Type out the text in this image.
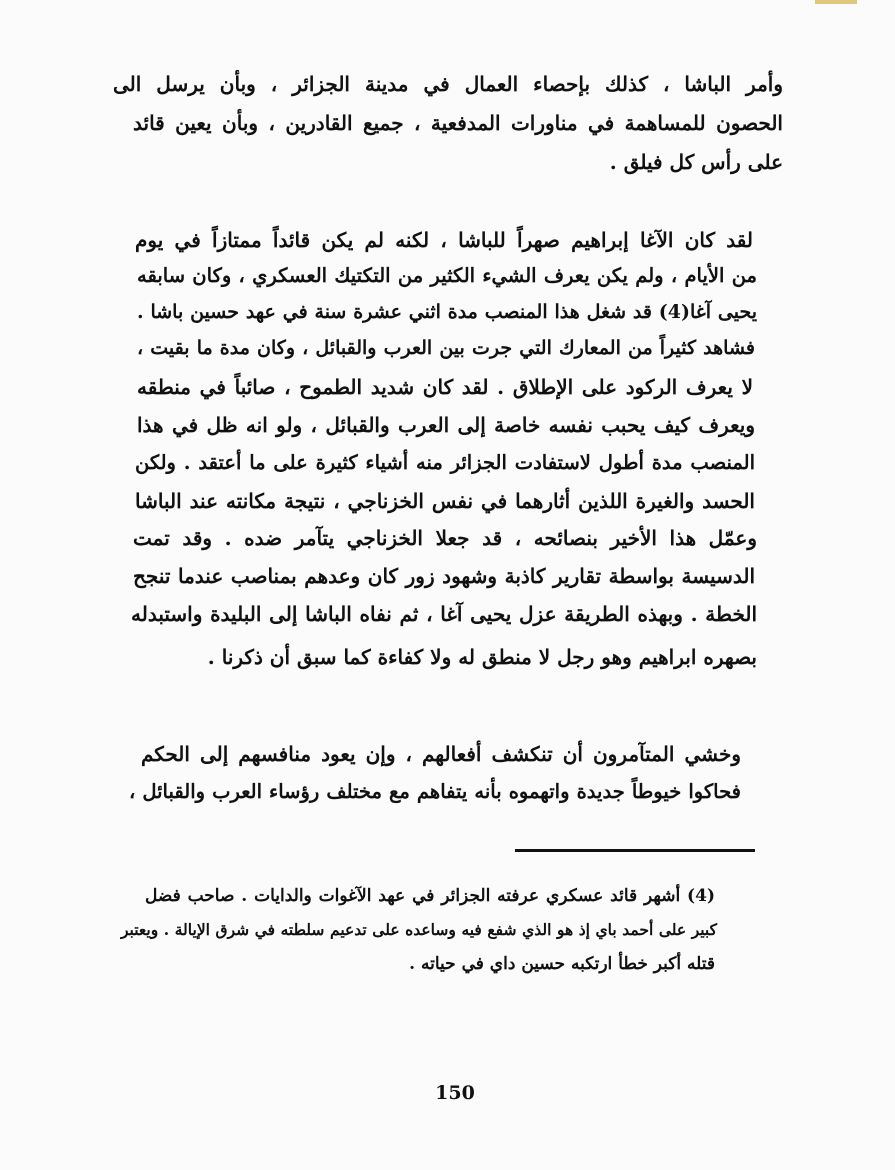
وأمر الباشا ، كذلك بإحصاء العمال في مدينة الجزائر ، وبأن يرسل الى
الحصون للمساهمة في مناورات المدفعية ، جميع القادرين ، وبأن يعين قائد
على رأس كل فيلق .
لقد كان الآغا إبراهيم صهراً للباشا ، لكنه لم يكن قائداً ممتازاً في يوم
من الأيام ، ولم يكن يعرف الشيء الكثير من التكتيك العسكري ، وكان سابقه
يحيى آغا(4) قد شغل هذا المنصب مدة اثني عشرة سنة في عهد حسين باشا .
فشاهد كثيراً من المعارك التي جرت بين العرب والقبائل ، وكان مدة ما بقيت ،
لا يعرف الركود على الإطلاق . لقد كان شديد الطموح ، صائباً في منطقه
ويعرف كيف يحبب نفسه خاصة إلى العرب والقبائل ، ولو انه ظل في هذا
المنصب مدة أطول لاستفادت الجزائر منه أشياء كثيرة على ما أعتقد . ولكن
الحسد والغيرة اللذين أثارهما في نفس الخزناجي ، نتيجة مكانته عند الباشا
وعمّل هذا الأخير بنصائحه ، قد جعلا الخزناجي يتآمر ضده . وقد تمت
الدسيسة بواسطة تقارير كاذبة وشهود زور كان وعدهم بمناصب عندما تنجح
الخطة . وبهذه الطريقة عزل يحيى آغا ، ثم نفاه الباشا إلى البليدة واستبدله
بصهره ابراهيم وهو رجل لا منطق له ولا كفاءة كما سبق أن ذكرنا .
وخشي المتآمرون أن تنكشف أفعالهم ، وإن يعود منافسهم إلى الحكم
فحاكوا خيوطاً جديدة واتهموه بأنه يتفاهم مع مختلف رؤساء العرب والقبائل ،
(4) أشهر قائد عسكري عرفته الجزائر في عهد الآغوات والدايات . صاحب فضل
كبير على أحمد باي إذ هو الذي شفع فيه وساعده على تدعيم سلطته في شرق الإيالة . ويعتبر
قتله أكبر خطأ ارتكبه حسين داي في حياته .
150
